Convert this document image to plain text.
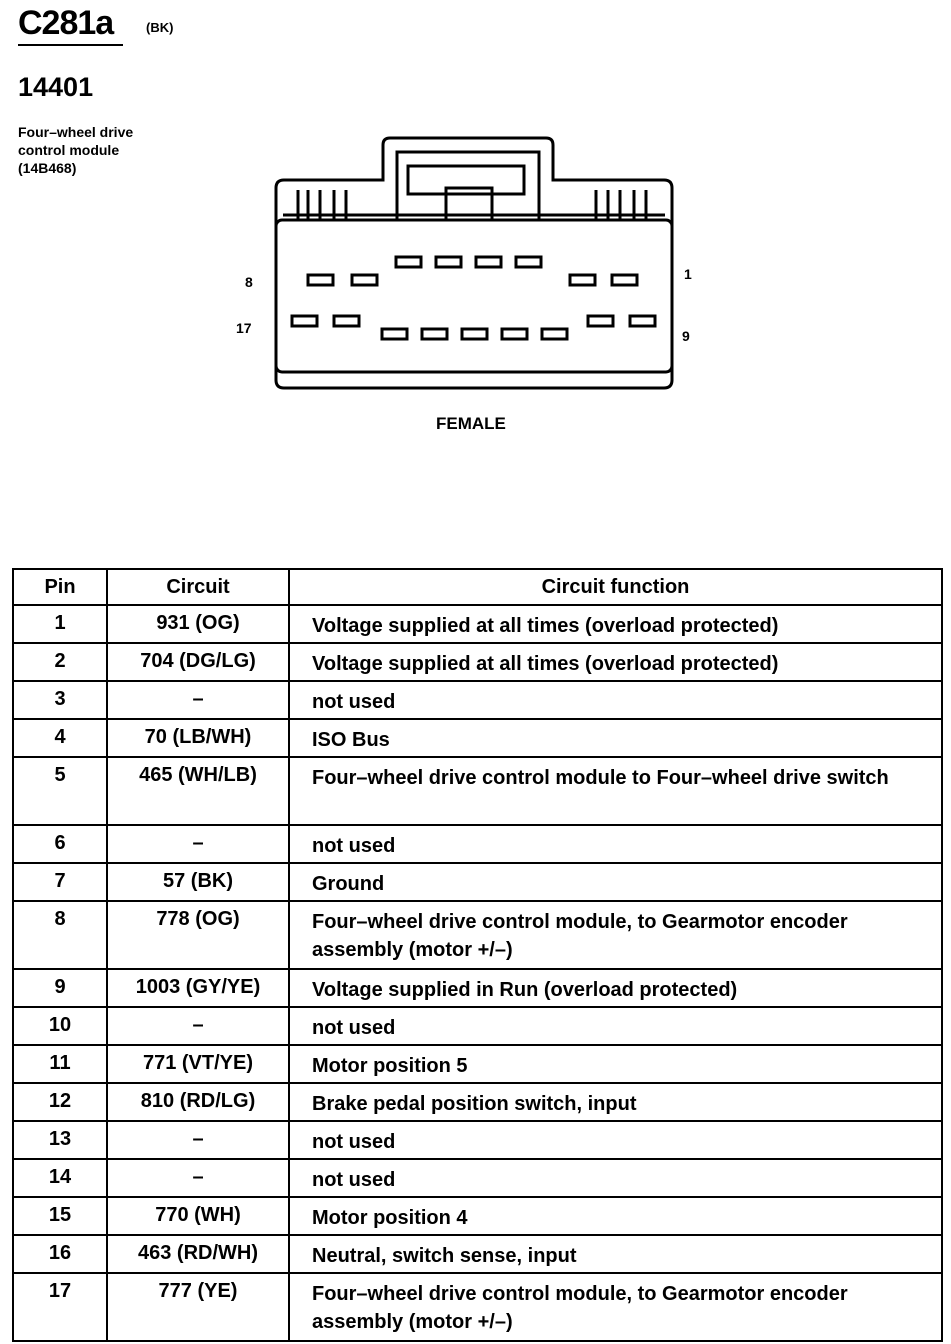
C281a	(BK)
14401
Four–wheel drive
control module
(14B468)
8	1
17	9
FEMALE
Pin	Circuit	Circuit function
1	931 (OG)	Voltage supplied at all times (overload protected)
2	704 (DG/LG)	Voltage supplied at all times (overload protected)
3	–	not used
4	70 (LB/WH)	ISO Bus
5	465 (WH/LB)	Four–wheel drive control module to Four–wheel drive switch
6	–	not used
7	57 (BK)	Ground
8	778 (OG)	Four–wheel drive control module, to Gearmotor encoder assembly (motor +/–)
9	1003 (GY/YE)	Voltage supplied in Run (overload protected)
10	–	not used
11	771 (VT/YE)	Motor position 5
12	810 (RD/LG)	Brake pedal position switch, input
13	–	not used
14	–	not used
15	770 (WH)	Motor position 4
16	463 (RD/WH)	Neutral, switch sense, input
17	777 (YE)	Four–wheel drive control module, to Gearmotor encoder assembly (motor +/–)
